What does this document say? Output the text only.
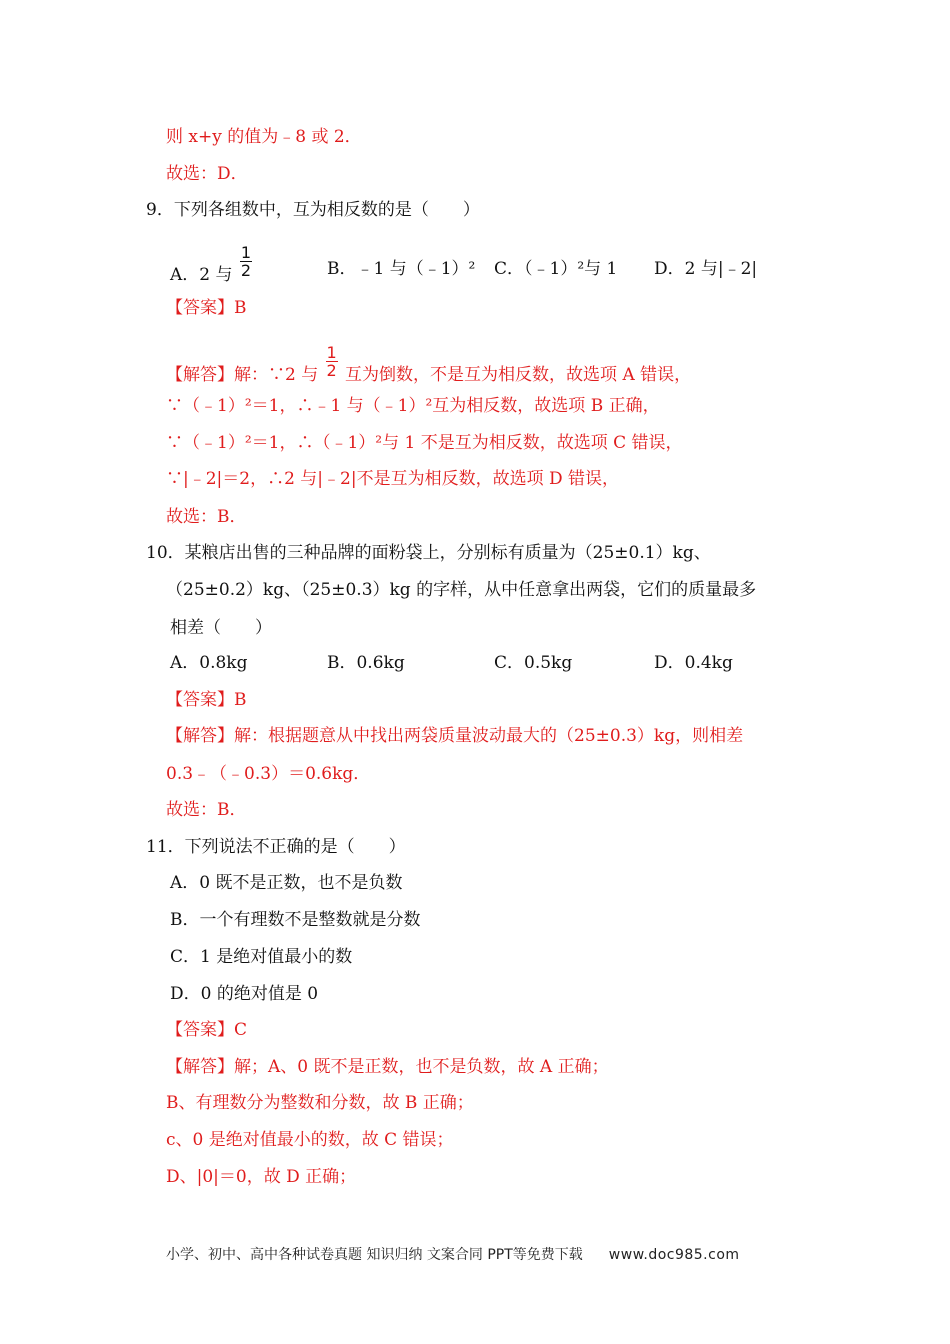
则 x+y 的值为﹣8 或 2．
故选：D．
9．下列各组数中，互为相反数的是（　　）
A．2 与 $\frac{1}{2}$	B．﹣1 与（﹣1）² C．（﹣1）²与 1 D．2 与|﹣2|
【答案】B
【解答】解：∵2 与 $\frac{1}{2}$ 互为倒数，不是互为相反数，故选项 A 错误，
∵（﹣1）²＝1，∴﹣1 与（﹣1）²互为相反数，故选项 B 正确，
∵（﹣1）²＝1，∴（﹣1）²与 1 不是互为相反数，故选项 C 错误，
∵|﹣2|＝2，∴2 与|﹣2|不是互为相反数，故选项 D 错误，
故选：B．
10．某粮店出售的三种品牌的面粉袋上，分别标有质量为（25±0.1）kg、
（25±0.2）kg、（25±0.3）kg 的字样，从中任意拿出两袋，它们的质量最多
相差（　　）
A．0.8kg	B．0.6kg	C．0.5kg	D．0.4kg
【答案】B
【解答】解：根据题意从中找出两袋质量波动最大的（25±0.3）kg，则相差
0.3﹣（﹣0.3）＝0.6kg．
故选：B．
11．下列说法不正确的是（　　）
A．0 既不是正数，也不是负数
B．一个有理数不是整数就是分数
C．1 是绝对值最小的数
D．0 的绝对值是 0
【答案】C
【解答】解；A、0 既不是正数，也不是负数，故 A 正确；
B、有理数分为整数和分数，故 B 正确；
c、0 是绝对值最小的数，故 C 错误；
D、|0|＝0，故 D 正确；
小学、初中、高中各种试卷真题 知识归纳 文案合同 PPT等免费下载 www.doc985.com
